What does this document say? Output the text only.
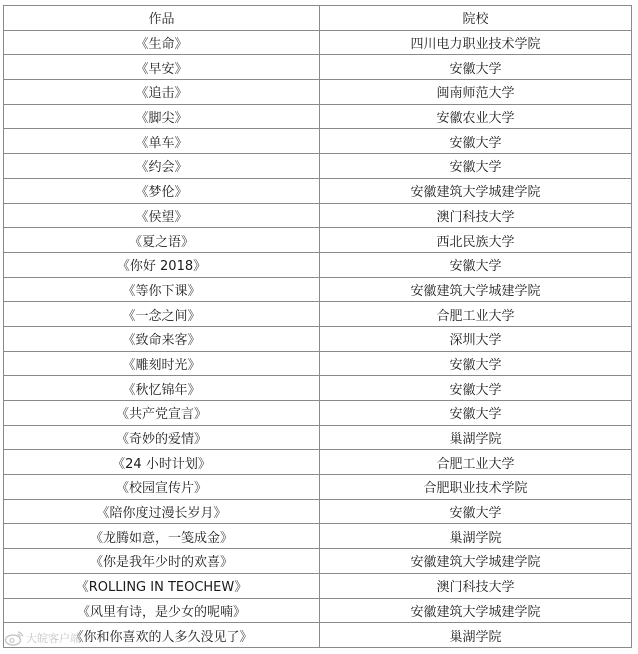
作品	院校
《生命》	四川电力职业技术学院
《早安》	安徽大学
《追击》	闽南师范大学
《脚尖》	安徽农业大学
《单车》	安徽大学
《约会》	安徽大学
《梦伦》	安徽建筑大学城建学院
《侯望》	澳门科技大学
《夏之语》	西北民族大学
《你好 2018》	安徽大学
《等你下课》	安徽建筑大学城建学院
《一念之间》	合肥工业大学
《致命来客》	深圳大学
《雕刻时光》	安徽大学
《秋忆锦年》	安徽大学
《共产党宣言》	安徽大学
《奇妙的爱情》	巢湖学院
《24 小时计划》	合肥工业大学
《校园宣传片》	合肥职业技术学院
《陪你度过漫长岁月》	安徽大学
《龙腾如意，一笺成金》	巢湖学院
《你是我年少时的欢喜》	安徽建筑大学城建学院
《ROLLING IN TEOCHEW》	澳门科技大学
《风里有诗，是少女的呢喃》	安徽建筑大学城建学院
《你和你喜欢的人多久没见了》	巢湖学院
大皖客户端
